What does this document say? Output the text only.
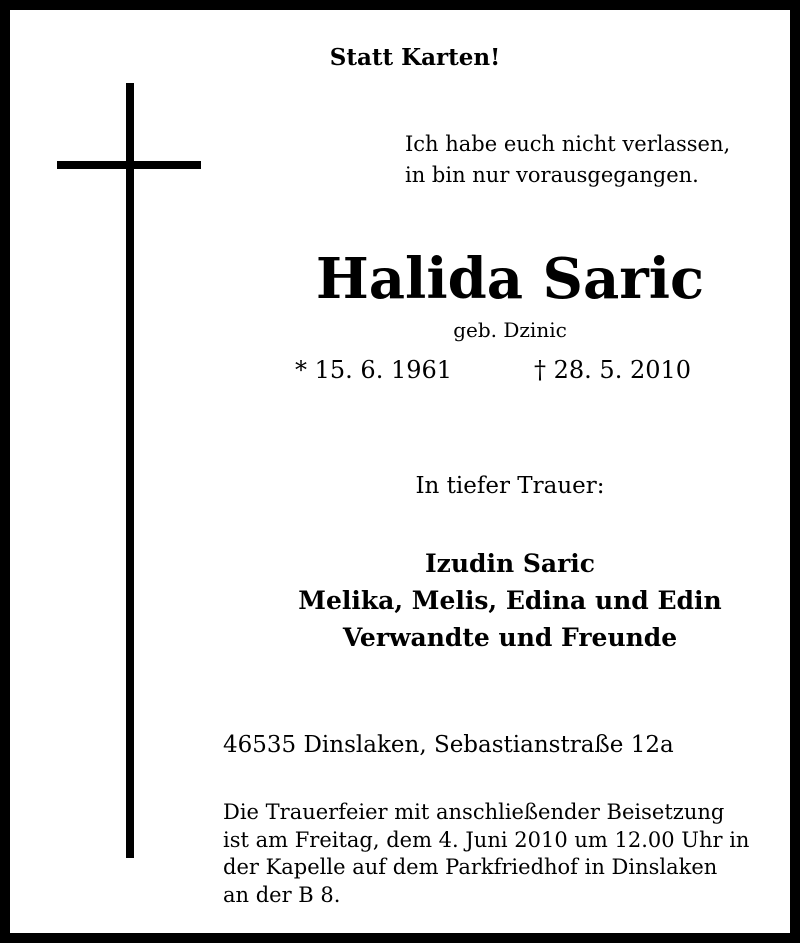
Statt Karten!
Ich habe euch nicht verlassen,
in bin nur vorausgegangen.
Halida Saric
geb. Dzinic
* 15. 6. 1961	† 28. 5. 2010
In tiefer Trauer:
Izudin Saric
Melika, Melis, Edina und Edin
Verwandte und Freunde
46535 Dinslaken, Sebastianstraße 12a
Die Trauerfeier mit anschließender Beisetzung
ist am Freitag, dem 4. Juni 2010 um 12.00 Uhr in
der Kapelle auf dem Parkfriedhof in Dinslaken
an der B 8.
